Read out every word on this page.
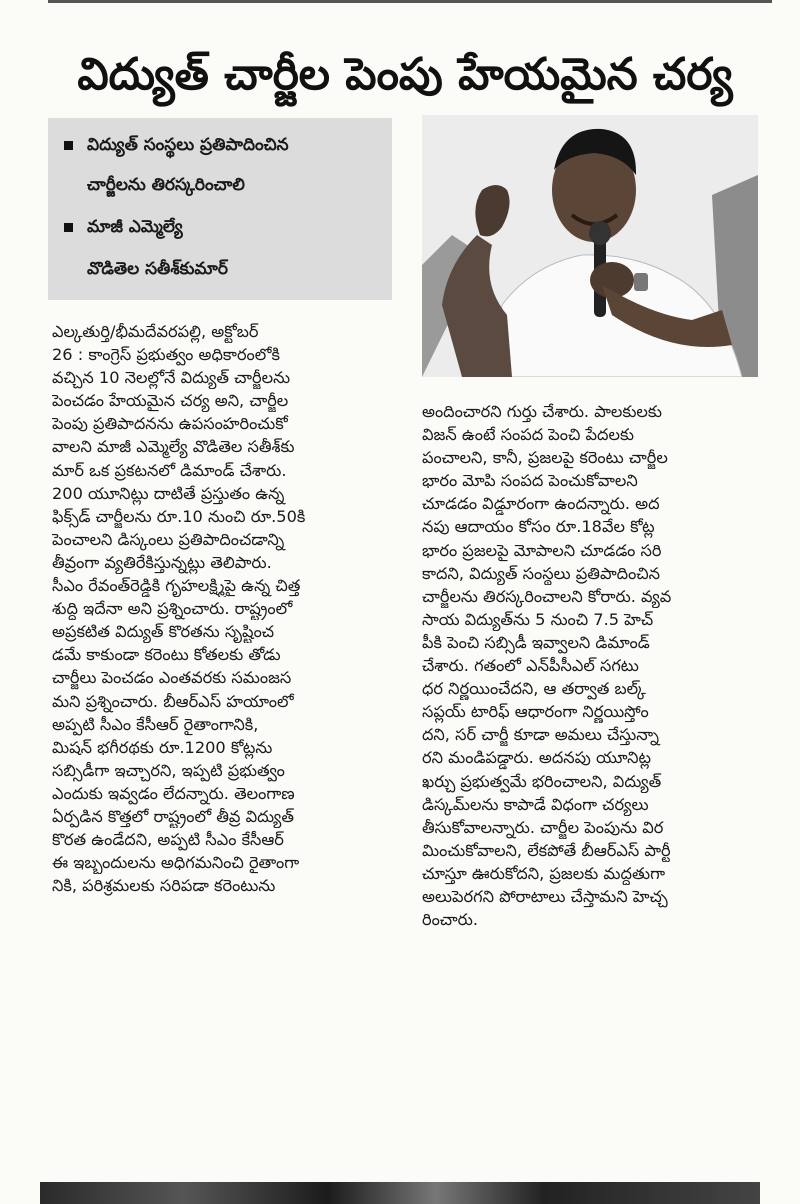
విద్యుత్ చార్జీల పెంపు హేయమైన చర్య
విద్యుత్ సంస్థలు ప్రతిపాదించిన
చార్జీలను తిరస్కరించాలి
మాజీ ఎమ్మెల్యే
వొడితెల సతీశ్‌కుమార్
ఎల్కతుర్తి/భీమదేవరపల్లి, అక్టోబర్
26 : కాంగ్రెస్ ప్రభుత్వం అధికారంలోకి
వచ్చిన 10 నెలల్లోనే విద్యుత్ చార్జీలను
పెంచడం హేయమైన చర్య అని, చార్జీల
పెంపు ప్రతిపాదనను ఉపసంహరించుకో
వాలని మాజీ ఎమ్మెల్యే వొడితెల సతీశ్‌కు
మార్ ఒక ప్రకటనలో డిమాండ్ చేశారు.
200 యూనిట్లు దాటితే ప్రస్తుతం ఉన్న
ఫిక్స్‌డ్ చార్జీలను రూ.10 నుంచి రూ.50కి
పెంచాలని డిస్కంలు ప్రతిపాదించడాన్ని
తీవ్రంగా వ్యతిరేకిస్తున్నట్లు తెలిపారు.
సీఎం రేవంత్‌రెడ్డికి గృహలక్ష్మిపై ఉన్న చిత్త
శుద్ధి ఇదేనా అని ప్రశ్నించారు. రాష్ట్రంలో
అప్రకటిత విద్యుత్ కొరతను సృష్టించ
డమే కాకుండా కరెంటు కోతలకు తోడు
చార్జీలు పెంచడం ఎంతవరకు సమంజస
మని ప్రశ్నించారు. బీఆర్‌ఎస్ హయాంలో
అప్పటి సీఎం కేసీఆర్ రైతాంగానికి,
మిషన్ భగీరథకు రూ.1200 కోట్లను
సబ్సిడీగా ఇచ్చారని, ఇప్పటి ప్రభుత్వం
ఎందుకు ఇవ్వడం లేదన్నారు. తెలంగాణ
ఏర్పడిన కొత్తలో రాష్ట్రంలో తీవ్ర విద్యుత్
కొరత ఉండేదని, అప్పటి సీఎం కేసీఆర్
ఈ ఇబ్బందులను అధిగమనించి రైతాంగా
నికి, పరిశ్రమలకు సరిపడా కరెంటును
అందించారని గుర్తు చేశారు. పాలకులకు
విజన్ ఉంటే సంపద పెంచి పేదలకు
పంచాలని, కానీ, ప్రజలపై కరెంటు చార్జీల
భారం మోపి సంపద పెంచుకోవాలని
చూడడం విడ్డూరంగా ఉందన్నారు. అద
నపు ఆదాయం కోసం రూ.18వేల కోట్ల
భారం ప్రజలపై మోపాలని చూడడం సరి
కాదని, విద్యుత్ సంస్థలు ప్రతిపాదించిన
చార్జీలను తిరస్కరించాలని కోరారు. వ్యవ
సాయ విద్యుత్‌ను 5 నుంచి 7.5 హెచ్
పీకి పెంచి సబ్సిడీ ఇవ్వాలని డిమాండ్
చేశారు. గతంలో ఎన్‌పీసీఎల్ సగటు
ధర నిర్ణయించేదని, ఆ తర్వాత బల్క్
సప్లయ్ టారిఫ్ ఆధారంగా నిర్ణయిస్తోం
దని, సర్ చార్జీ కూడా అమలు చేస్తున్నా
రని మండిపడ్డారు. అదనపు యూనిట్ల
ఖర్చు ప్రభుత్వమే భరించాలని, విద్యుత్
డిస్కమ్‌లను కాపాడే విధంగా చర్యలు
తీసుకోవాలన్నారు. చార్జీల పెంపును విర
మించుకోవాలని, లేకపోతే బీఆర్‌ఎస్ పార్టీ
చూస్తూ ఊరుకోదని, ప్రజలకు మద్దతుగా
అలుపెరగని పోరాటాలు చేస్తామని హెచ్చ
రించారు.
